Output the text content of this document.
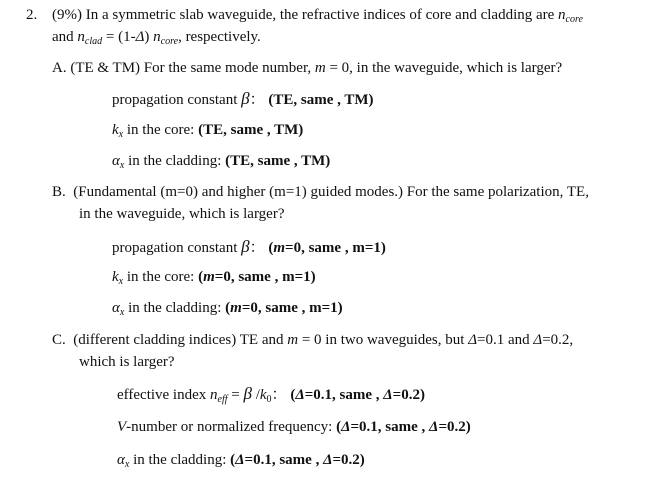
2. (9%) In a symmetric slab waveguide, the refractive indices of core and cladding are $n_{core}$
and $n_{clad} = (1-\Delta)$ $n_{core}$, respectively.
A. (TE & TM) For the same mode number, m = 0, in the waveguide, which is larger?
propagation constant β： (TE, same , TM)
$k_x$ in the core: (TE, same , TM)
$\alpha_x$ in the cladding: (TE, same , TM)
B. (Fundamental (m=0) and higher (m=1) guided modes.) For the same polarization, TE,
in the waveguide, which is larger?
propagation constant β： (m=0, same , m=1)
$k_x$ in the core: (m=0, same , m=1)
$\alpha_x$ in the cladding: (m=0, same , m=1)
C. (different cladding indices) TE and m = 0 in two waveguides, but Δ=0.1 and Δ=0.2,
which is larger?
effective index $n_{eff} = \beta$ $/k_0$： (Δ=0.1, same , Δ=0.2)
V-number or normalized frequency: (Δ=0.1, same , Δ=0.2)
$\alpha_x$ in the cladding: (Δ=0.1, same , Δ=0.2)
